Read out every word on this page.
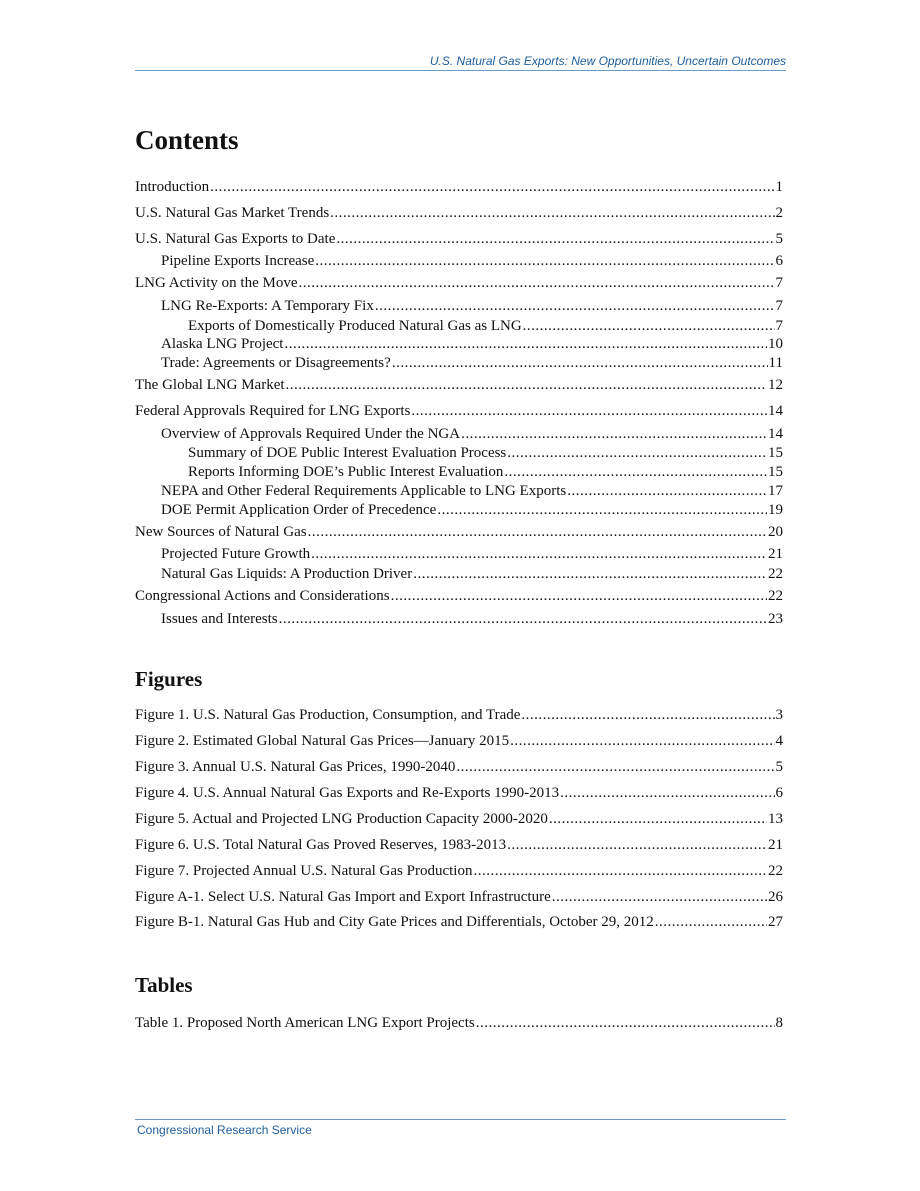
U.S. Natural Gas Exports: New Opportunities, Uncertain Outcomes
Contents
Introduction .....	1
U.S. Natural Gas Market Trends .....	2
U.S. Natural Gas Exports to Date .....	5
Pipeline Exports Increase .....	6
LNG Activity on the Move .....	7
LNG Re-Exports: A Temporary Fix .....	7
Exports of Domestically Produced Natural Gas as LNG .....	7
Alaska LNG Project .....	10
Trade: Agreements or Disagreements? .....	11
The Global LNG Market .....	12
Federal Approvals Required for LNG Exports .....	14
Overview of Approvals Required Under the NGA .....	14
Summary of DOE Public Interest Evaluation Process .....	15
Reports Informing DOE’s Public Interest Evaluation .....	15
NEPA and Other Federal Requirements Applicable to LNG Exports .....	17
DOE Permit Application Order of Precedence .....	19
New Sources of Natural Gas .....	20
Projected Future Growth .....	21
Natural Gas Liquids: A Production Driver .....	22
Congressional Actions and Considerations .....	22
Issues and Interests .....	23
Figures
Figure 1. U.S. Natural Gas Production, Consumption, and Trade .....	3
Figure 2. Estimated Global Natural Gas Prices—January 2015 .....	4
Figure 3. Annual U.S. Natural Gas Prices, 1990-2040 .....	5
Figure 4. U.S. Annual Natural Gas Exports and Re-Exports 1990-2013 .....	6
Figure 5. Actual and Projected LNG Production Capacity 2000-2020 .....	13
Figure 6. U.S. Total Natural Gas Proved Reserves, 1983-2013 .....	21
Figure 7. Projected Annual U.S. Natural Gas Production .....	22
Figure A-1. Select U.S. Natural Gas Import and Export Infrastructure .....	26
Figure B-1. Natural Gas Hub and City Gate Prices and Differentials, October 29, 2012 .....	27
Tables
Table 1. Proposed North American LNG Export Projects .....	8
Congressional Research Service
